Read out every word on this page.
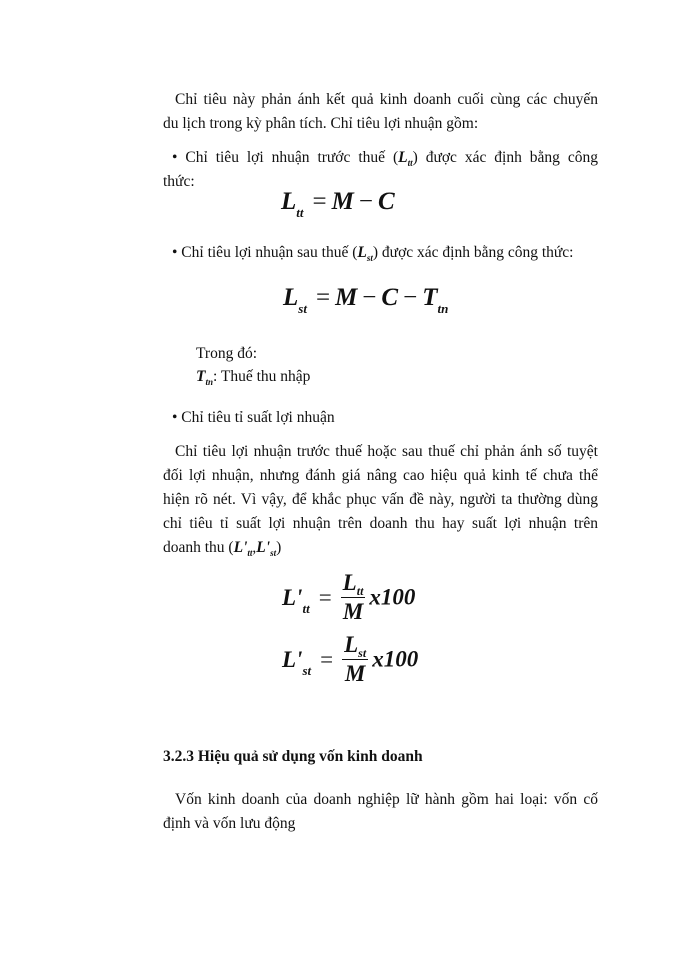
Chỉ tiêu này phản ánh kết quả kinh doanh cuối cùng các chuyến
du lịch trong kỳ phân tích. Chỉ tiêu lợi nhuận gồm:
• Chỉ tiêu lợi nhuận trước thuế $(L_{tt})$ được xác định bằng công
thức:
$L_{tt} = M - C$
• Chỉ tiêu lợi nhuận sau thuế $(L_{st})$ được xác định bằng công thức:
$L_{st} = M - C - T_{tn}$
Trong đó:
$T_{tn}$: Thuế thu nhập
• Chỉ tiêu tỉ suất lợi nhuận
Chỉ tiêu lợi nhuận trước thuế hoặc sau thuế chỉ phản ánh số tuyệt
đối lợi nhuận, nhưng đánh giá nâng cao hiệu quả kinh tế chưa thể
hiện rõ nét. Vì vậy, để khắc phục vấn đề này, người ta thường dùng
chỉ tiêu tỉ suất lợi nhuận trên doanh thu hay suất lợi nhuận trên
doanh thu $(L'_{tt},L'_{st})$
$L'_{tt} = \frac{L_{tt}}{M} x100$
$L'_{st} = \frac{L_{st}}{M} x100$
3.2.3 Hiệu quả sử dụng vốn kinh doanh
Vốn kinh doanh của doanh nghiệp lữ hành gồm hai loại: vốn cố
định và vốn lưu động
